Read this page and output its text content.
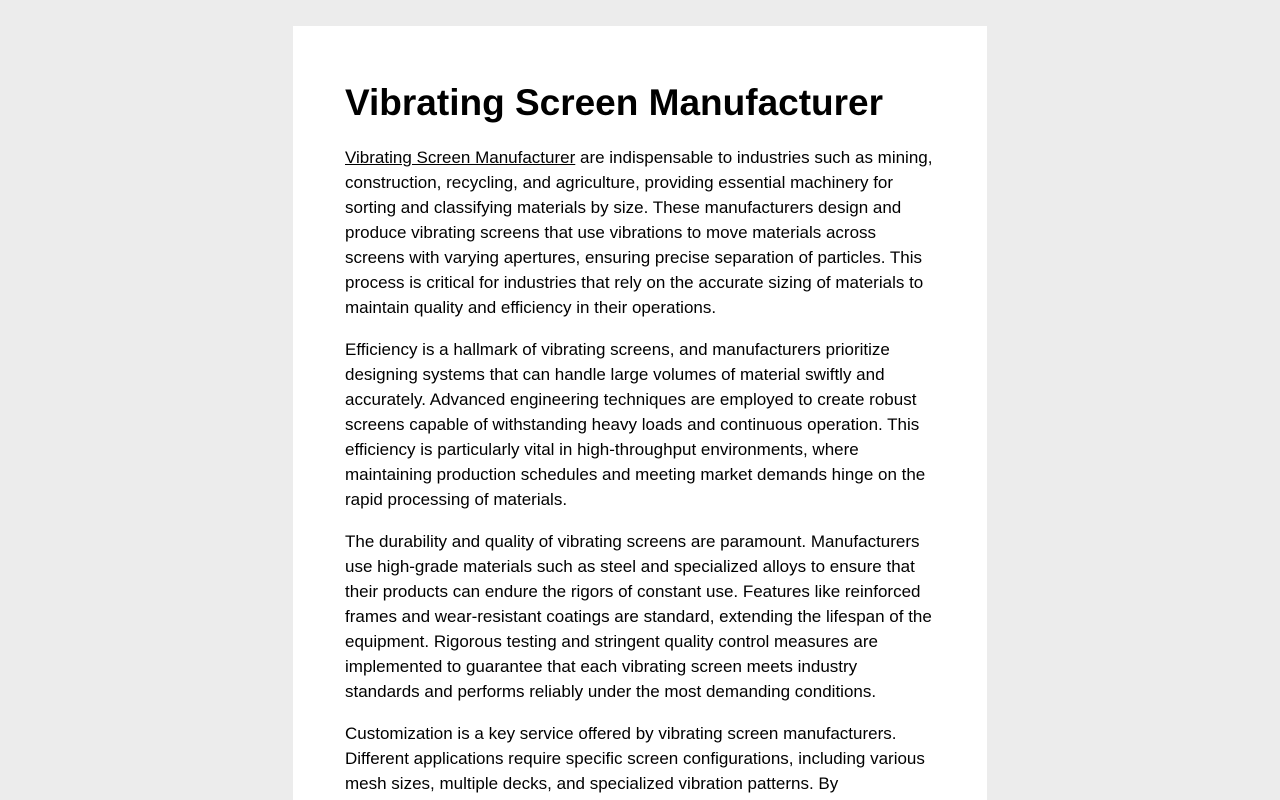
Vibrating Screen Manufacturer

Vibrating Screen Manufacturer are indispensable to industries such as mining, construction, recycling, and agriculture, providing essential machinery for sorting and classifying materials by size. These manufacturers design and produce vibrating screens that use vibrations to move materials across screens with varying apertures, ensuring precise separation of particles. This process is critical for industries that rely on the accurate sizing of materials to maintain quality and efficiency in their operations.

Efficiency is a hallmark of vibrating screens, and manufacturers prioritize designing systems that can handle large volumes of material swiftly and accurately. Advanced engineering techniques are employed to create robust screens capable of withstanding heavy loads and continuous operation. This efficiency is particularly vital in high-throughput environments, where maintaining production schedules and meeting market demands hinge on the rapid processing of materials.

The durability and quality of vibrating screens are paramount. Manufacturers use high-grade materials such as steel and specialized alloys to ensure that their products can endure the rigors of constant use. Features like reinforced frames and wear-resistant coatings are standard, extending the lifespan of the equipment. Rigorous testing and stringent quality control measures are implemented to guarantee that each vibrating screen meets industry standards and performs reliably under the most demanding conditions.

Customization is a key service offered by vibrating screen manufacturers. Different applications require specific screen configurations, including various mesh sizes, multiple decks, and specialized vibration patterns. By
